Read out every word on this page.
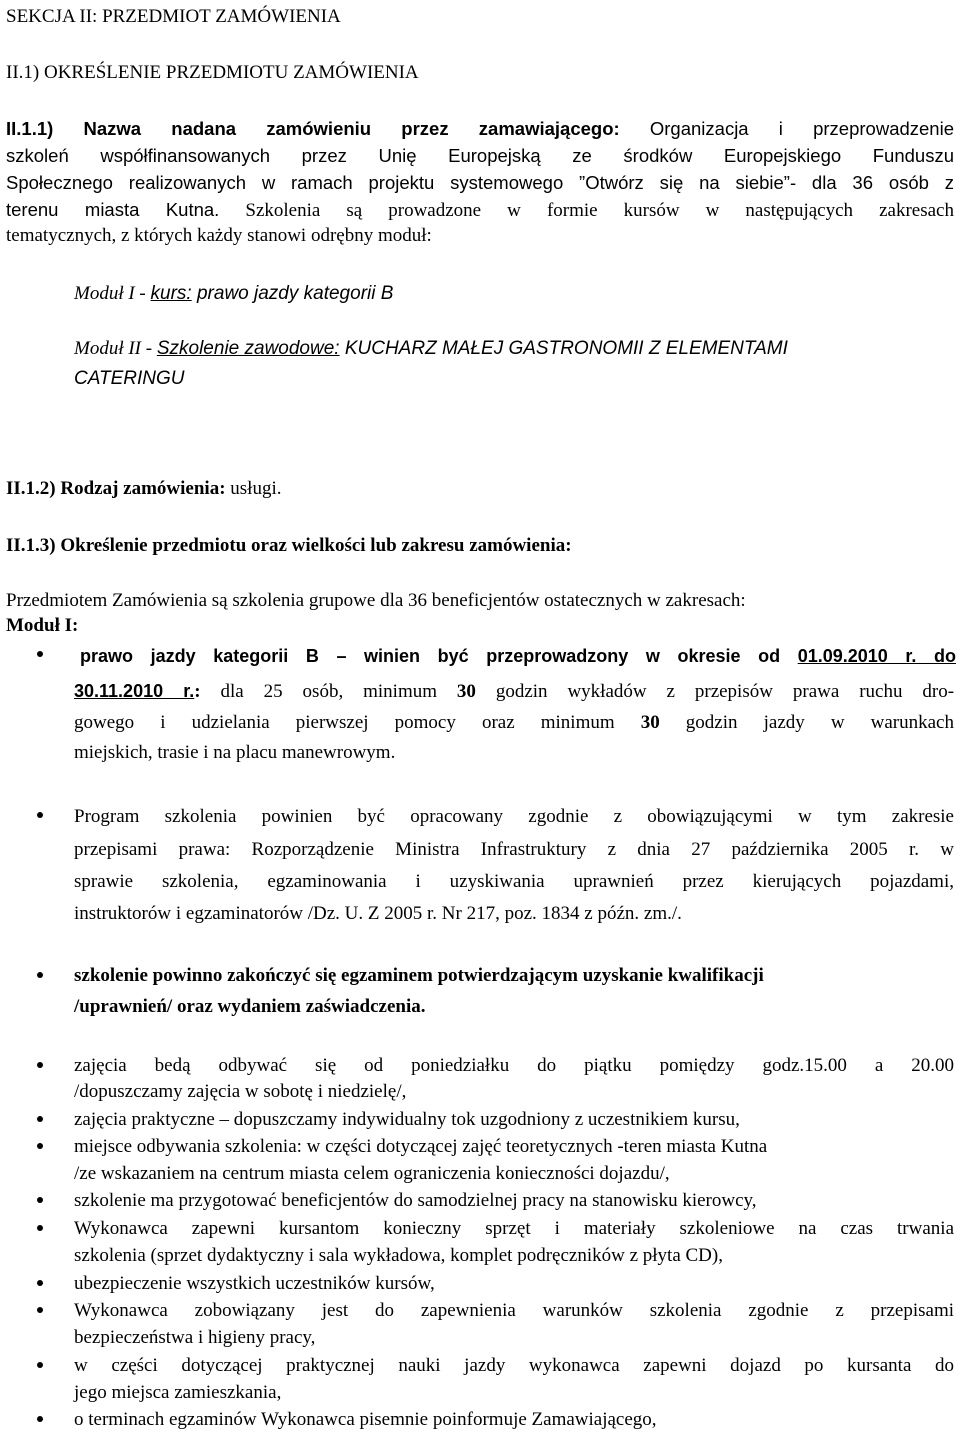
SEKCJA II: PRZEDMIOT ZAMÓWIENIA
II.1) OKREŚLENIE PRZEDMIOTU ZAMÓWIENIA
II.1.1) Nazwa nadana zamówieniu przez zamawiającego: Organizacja i przeprowadzenie
szkoleń współfinansowanych przez Unię Europejską ze środków Europejskiego Funduszu
Społecznego realizowanych w ramach projektu systemowego ”Otwórz się na siebie”- dla 36 osób z
terenu miasta Kutna. Szkolenia są prowadzone w formie kursów w następujących zakresach
tematycznych, z których każdy stanowi odrębny moduł:
Moduł I - kurs: prawo jazdy kategorii B
Moduł II - Szkolenie zawodowe: KUCHARZ MAŁEJ GASTRONOMII Z ELEMENTAMI
CATERINGU
II.1.2) Rodzaj zamówienia: usługi.
II.1.3) Określenie przedmiotu oraz wielkości lub zakresu zamówienia:
Przedmiotem Zamówienia są szkolenia grupowe dla 36 beneficjentów ostatecznych w zakresach:
Moduł I:
prawo jazdy kategorii B – winien być przeprowadzony w okresie od 01.09.2010 r. do
30.11.2010 r.: dla 25 osób, minimum 30 godzin wykładów z przepisów prawa ruchu dro-
gowego i udzielania pierwszej pomocy oraz minimum 30 godzin jazdy w warunkach
miejskich, trasie i na placu manewrowym.
Program szkolenia powinien być opracowany zgodnie z obowiązującymi w tym zakresie
przepisami prawa: Rozporządzenie Ministra Infrastruktury z dnia 27 października 2005 r. w
sprawie szkolenia, egzaminowania i uzyskiwania uprawnień przez kierujących pojazdami,
instruktorów i egzaminatorów /Dz. U. Z 2005 r. Nr 217, poz. 1834 z późn. zm./.
szkolenie powinno zakończyć się egzaminem potwierdzającym uzyskanie kwalifikacji
/uprawnień/ oraz wydaniem zaświadczenia.
zajęcia bedą odbywać się od poniedziałku do piątku pomiędzy godz.15.00 a 20.00
/dopuszczamy zajęcia w sobotę i niedzielę/,
zajęcia praktyczne – dopuszczamy indywidualny tok uzgodniony z uczestnikiem kursu,
miejsce odbywania szkolenia: w części dotyczącej zajęć teoretycznych -teren miasta Kutna
/ze wskazaniem na centrum miasta celem ograniczenia konieczności dojazdu/,
szkolenie ma przygotować beneficjentów do samodzielnej pracy na stanowisku kierowcy,
Wykonawca zapewni kursantom konieczny sprzęt i materiały szkoleniowe na czas trwania
szkolenia (sprzet dydaktyczny i sala wykładowa, komplet podręczników z płyta CD),
ubezpieczenie wszystkich uczestników kursów,
Wykonawca zobowiązany jest do zapewnienia warunków szkolenia zgodnie z przepisami
bezpieczeństwa i higieny pracy,
w części dotyczącej praktycznej nauki jazdy wykonawca zapewni dojazd po kursanta do
jego miejsca zamieszkania,
o terminach egzaminów Wykonawca pisemnie poinformuje Zamawiającego,
